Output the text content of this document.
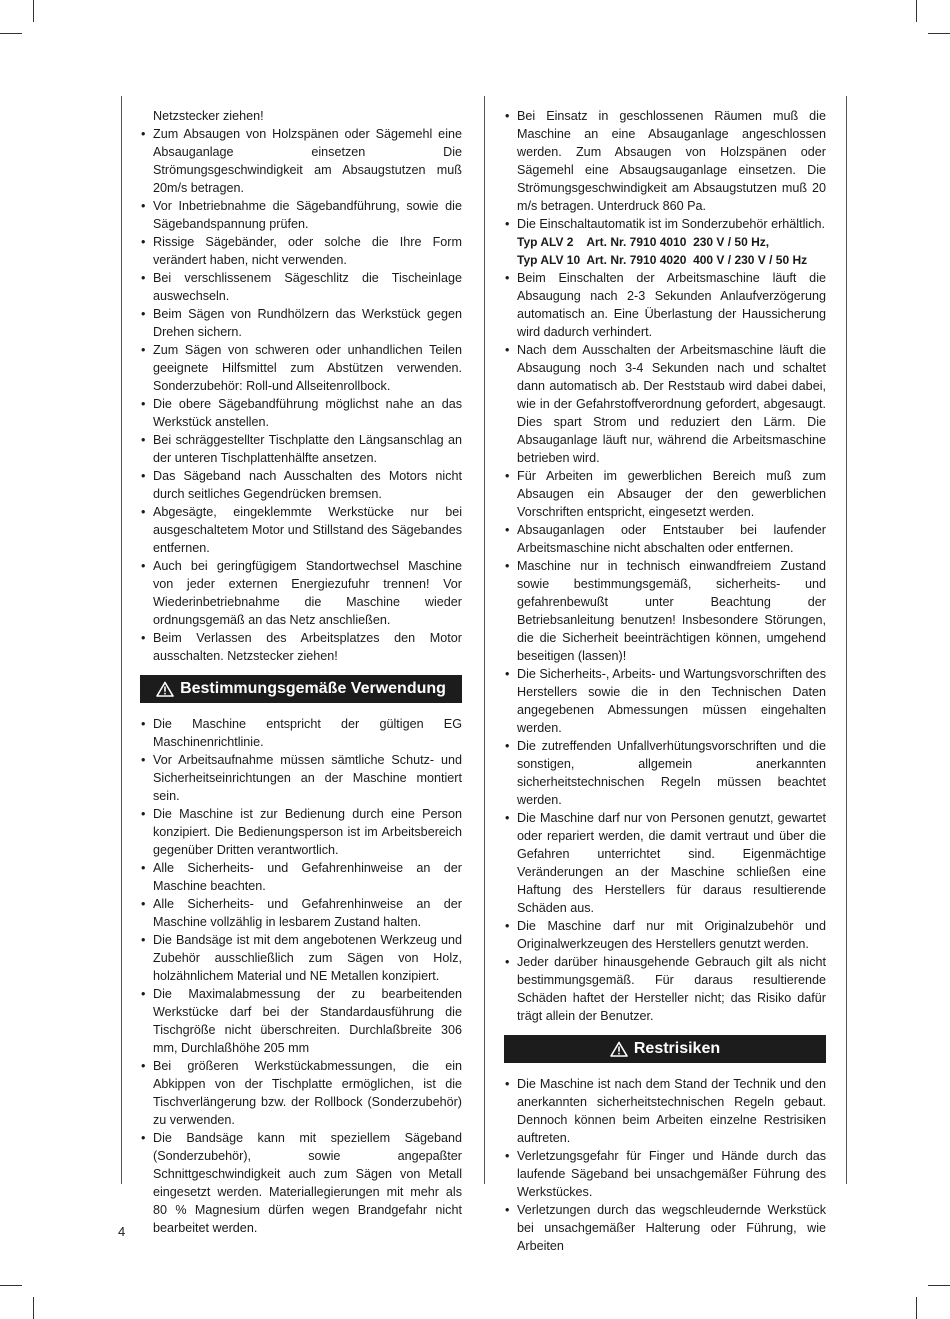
Netzstecker ziehen!

• Zum Absaugen von Holzspänen oder Sägemehl eine Absauganlage einsetzen Die Strömungsgeschwindigkeit am Absaugstutzen muß 20m/s betragen.
• Vor Inbetriebnahme die Sägebandführung, sowie die Sägebandspannung prüfen.
• Rissige Sägebänder, oder solche die Ihre Form verändert haben, nicht verwenden.
• Bei verschlissenem Sägeschlitz die Tischeinlage auswechseln.
• Beim Sägen von Rundhölzern das Werkstück gegen Drehen sichern.
• Zum Sägen von schweren oder unhandlichen Teilen geeignete Hilfsmittel zum Abstützen verwenden. Sonderzubehör: Roll-und Allseitenrollbock.
• Die obere Sägebandführung möglichst nahe an das Werkstück anstellen.
• Bei schräggestellter Tischplatte den Längsanschlag an der unteren Tischplattenhälfte ansetzen.
• Das Sägeband nach Ausschalten des Motors nicht durch seitliches Gegendrücken bremsen.
• Abgesägte, eingeklemmte Werkstücke nur bei ausgeschaltetem Motor und Stillstand des Sägebandes entfernen.
• Auch bei geringfügigem Standortwechsel Maschine von jeder externen Energiezufuhr trennen! Vor Wiederinbetriebnahme die Maschine wieder ordnungsgemäß an das Netz anschließen.
• Beim Verlassen des Arbeitsplatzes den Motor ausschalten. Netzstecker ziehen!
Bestimmungsgemäße Verwendung
• Die Maschine entspricht der gültigen EG Maschinenrichtlinie.
• Vor Arbeitsaufnahme müssen sämtliche Schutz- und Sicherheitseinrichtungen an der Maschine montiert sein.
• Die Maschine ist zur Bedienung durch eine Person konzipiert. Die Bedienungsperson ist im Arbeitsbereich gegenüber Dritten verantwortlich.
• Alle Sicherheits- und Gefahrenhinweise an der Maschine beachten.
• Alle Sicherheits- und Gefahrenhinweise an der Maschine vollzählig in lesbarem Zustand halten.
• Die Bandsäge ist mit dem angebotenen Werkzeug und Zubehör ausschließlich zum Sägen von Holz, holzähnlichem Material und NE Metallen konzipiert.
• Die Maximalabmessung der zu bearbeitenden Werkstücke darf bei der Standardausführung die Tischgröße nicht überschreiten. Durchlaßbreite 306 mm, Durchlaßhöhe 205 mm
• Bei größeren Werkstückabmessungen, die ein Abkippen von der Tischplatte ermöglichen, ist die Tischverlängerung bzw. der Rollbock (Sonderzubehör) zu verwenden.
• Die Bandsäge kann mit speziellem Sägeband (Sonderzubehör), sowie angepaßter Schnittgeschwindigkeit auch zum Sägen von Metall eingesetzt werden. Materiallegierungen mit mehr als 80 % Magnesium dürfen wegen Brandgefahr nicht bearbeitet werden.
• Bei Einsatz in geschlossenen Räumen muß die Maschine an eine Absauganlage angeschlossen werden. Zum Absaugen von Holzspänen oder Sägemehl eine Absaugsauganlage einsetzen. Die Strömungsgeschwindigkeit am Absaugstutzen muß 20 m/s betragen. Unterdruck 860 Pa.
• Die Einschaltautomatik ist im Sonderzubehör erhältlich.

Typ ALV 2    Art. Nr. 7910 4010  230 V / 50 Hz,

Typ ALV 10  Art. Nr. 7910 4020  400 V / 230 V / 50 Hz

• Beim Einschalten der Arbeitsmaschine läuft die Absaugung nach 2-3 Sekunden Anlaufverzögerung automatisch an. Eine Überlastung der Haussicherung wird dadurch verhindert.
• Nach dem Ausschalten der Arbeitsmaschine läuft die Absaugung noch 3-4 Sekunden nach und schaltet dann automatisch ab. Der Reststaub wird dabei dabei, wie in der Gefahrstoffverordnung gefordert, abgesaugt. Dies spart Strom und reduziert den Lärm. Die Absauganlage läuft nur, während die Arbeitsmaschine betrieben wird.
• Für Arbeiten im gewerblichen Bereich muß zum Absaugen ein Absauger der den gewerblichen Vorschriften entspricht, eingesetzt werden.
• Absauganlagen oder Entstauber bei laufender Arbeitsmaschine nicht abschalten oder entfernen.
• Maschine nur in technisch einwandfreiem Zustand sowie bestimmungsgemäß, sicherheits- und gefahrenbewußt unter Beachtung der Betriebsanleitung benutzen! Insbesondere Störungen, die die Sicherheit beeinträchtigen können, umgehend beseitigen (lassen)!
• Die Sicherheits-, Arbeits- und Wartungsvorschriften des Herstellers sowie die in den Technischen Daten angegebenen Abmessungen müssen eingehalten werden.
• Die zutreffenden Unfallverhütungsvorschriften und die sonstigen, allgemein anerkannten sicherheitstechnischen Regeln müssen beachtet werden.
• Die Maschine darf nur von Personen genutzt, gewartet oder repariert werden, die damit vertraut und über die Gefahren unterrichtet sind. Eigenmächtige Veränderungen an der Maschine schließen eine Haftung des Herstellers für daraus resultierende Schäden aus.
• Die Maschine darf nur mit Originalzubehör und Originalwerkzeugen des Herstellers genutzt werden.
• Jeder darüber hinausgehende Gebrauch gilt als nicht bestimmungsgemäß. Für daraus resultierende Schäden haftet der Hersteller nicht; das Risiko dafür trägt allein der Benutzer.
Restrisiken
• Die Maschine ist nach dem Stand der Technik und den anerkannten sicherheitstechnischen Regeln gebaut. Dennoch können beim Arbeiten einzelne Restrisiken auftreten.
• Verletzungsgefahr für Finger und Hände durch das laufende Sägeband bei unsachgemäßer Führung des Werkstückes.
• Verletzungen durch das wegschleudernde Werkstück bei unsachgemäßer Halterung oder Führung, wie Arbeiten
4
